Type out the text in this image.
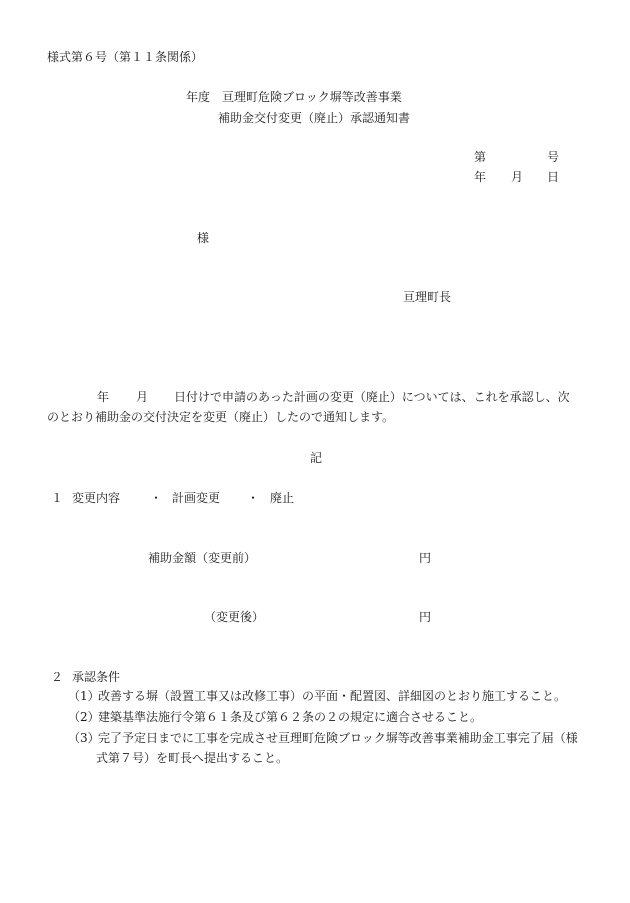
様式第６号（第１１条関係）
年度　亘理町危険ブロック塀等改善事業
補助金交付変更（廃止）承認通知書
第	号
年 月 日
様
亘理町長
年 月 日付けで申請のあった計画の変更（廃止）については、これを承認し、次
のとおり補助金の交付決定を変更（廃止）したので通知します。
記
１ 変更内容 ・ 計画変更 ・ 廃止
補助金額（変更前）	円
（変更後）	円
２ 承認条件
（1）改善する塀（設置工事又は改修工事）の平面・配置図、詳細図のとおり施工すること。
（2）建築基準法施行令第６１条及び第６２条の２の規定に適合させること。
（3）完了予定日までに工事を完成させ亘理町危険ブロック塀等改善事業補助金工事完了届（様
式第７号）を町長へ提出すること。
